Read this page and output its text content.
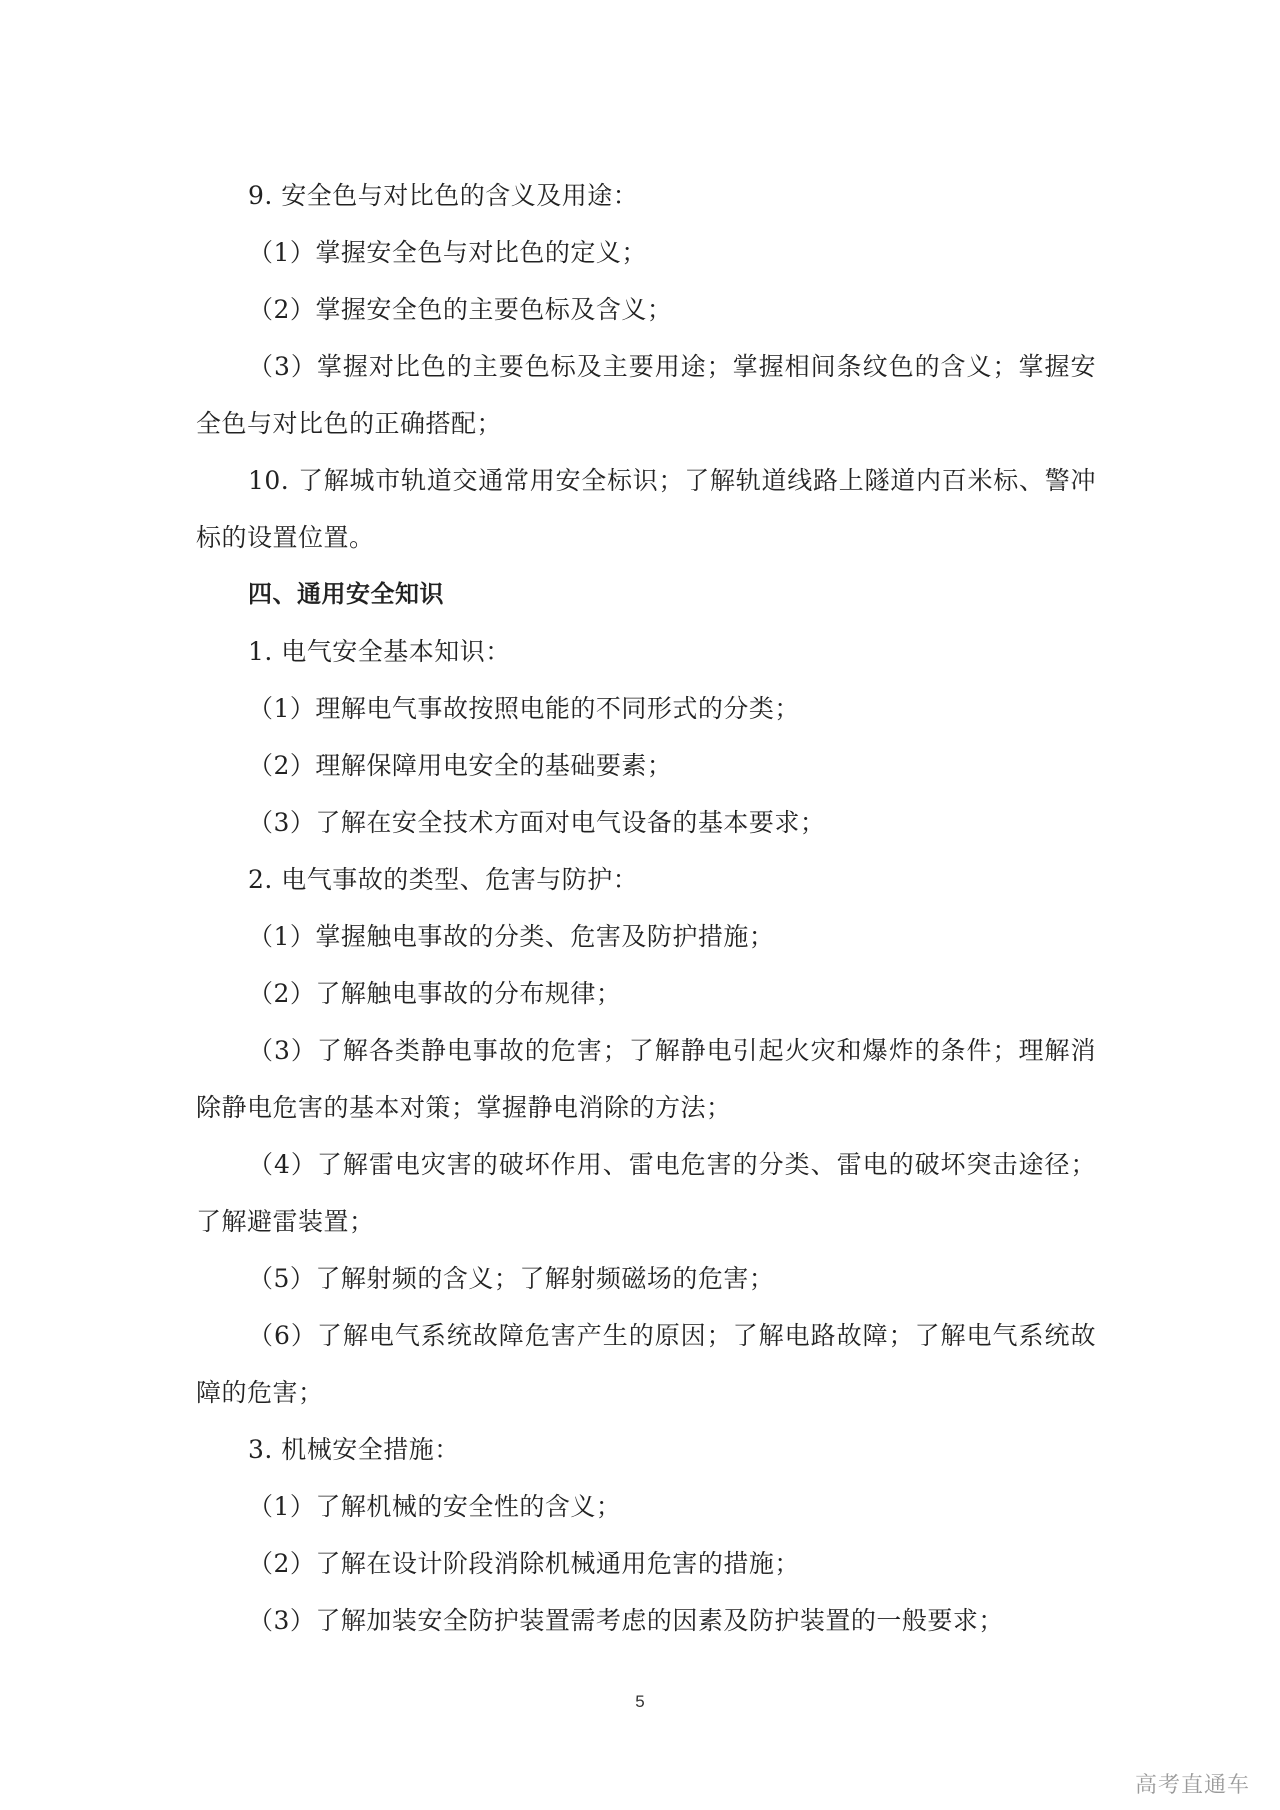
9. 安全色与对比色的含义及用途：

（1）掌握安全色与对比色的定义；

（2）掌握安全色的主要色标及含义；

（3）掌握对比色的主要色标及主要用途；掌握相间条纹色的含义；掌握安

全色与对比色的正确搭配；

10. 了解城市轨道交通常用安全标识；了解轨道线路上隧道内百米标、警冲

标的设置位置。

四、通用安全知识

1. 电气安全基本知识：

（1）理解电气事故按照电能的不同形式的分类；

（2）理解保障用电安全的基础要素；

（3）了解在安全技术方面对电气设备的基本要求；

2. 电气事故的类型、危害与防护：

（1）掌握触电事故的分类、危害及防护措施；

（2）了解触电事故的分布规律；

（3）了解各类静电事故的危害；了解静电引起火灾和爆炸的条件；理解消

除静电危害的基本对策；掌握静电消除的方法；

（4）了解雷电灾害的破坏作用、雷电危害的分类、雷电的破坏突击途径；

了解避雷装置；

（5）了解射频的含义；了解射频磁场的危害；

（6）了解电气系统故障危害产生的原因；了解电路故障；了解电气系统故

障的危害；

3. 机械安全措施：

（1）了解机械的安全性的含义；

（2）了解在设计阶段消除机械通用危害的措施；

（3）了解加装安全防护装置需考虑的因素及防护装置的一般要求；

5
高考直通车
